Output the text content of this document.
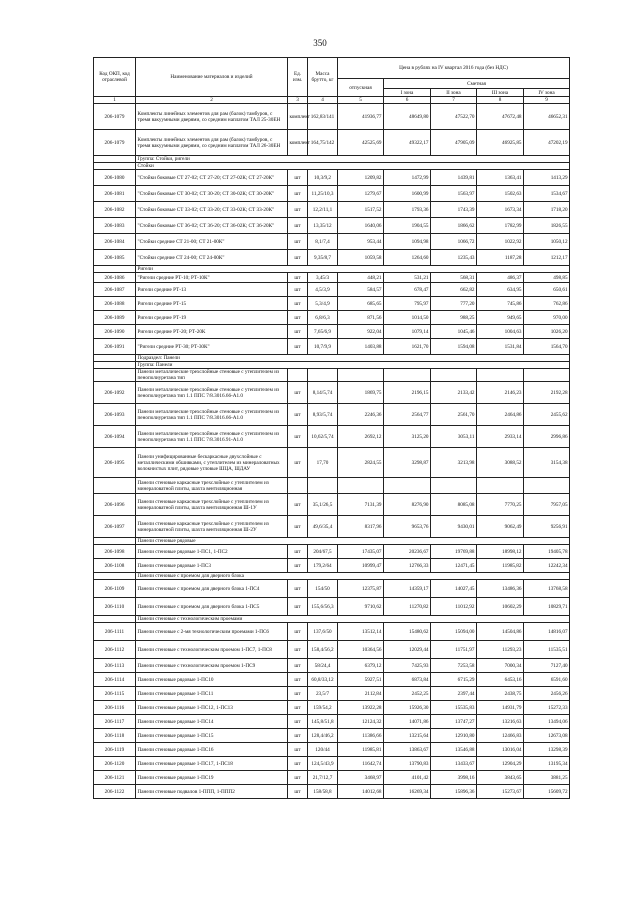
350
Код ОКП, код отраслевой	Наименование материалов и изделий	Ед. изм.	Масса брутто, кг	Цена в рублях на IV квартал 2016 года (без НДС)				
				отпускная	Сметная			
					I зона	II зона	III зона	IV зона
1	2	3	4	5	6	7	8	9
206-1079	Комплекты линейных элементов для рам (балок) тамбуров, с тремя вакуумными дверями, со средним наплатом ТАЛ 25-30ЕН	комплект	162,83/141	41936,77	48649,80	47522,70	47672,48	46652,31
206-1079	Комплекты линейных элементов для рам (балок) тамбуров, с тремя вакуумными дверями, со средним наплатом ТАЛ 26-30ЕН	комплект	164,75/142	42525,69	49322,17	47905,09	46925,85	47202,19
	Группа: Стойки, ригели							
	Стойки							
206-1080	"Стойки боковые СТ 27-02; СТ 27-20; СТ 27-02К; СТ 27-20К"	шт	10,3/9,2	1209,82	1472,99	1439,81	1363,41	1413,29
206-1081	"Стойки боковые СТ 30-02; СТ 30-20; СТ 30-02К; СТ 30-20К"	шт	11,25/10,3	1279,67	1600,99	1563,97	1502,63	1534,67
206-1082	"Стойки боковые СТ 33-02; СТ 33-20; СТ 33-02К; СТ 33-20К"	шт	12,2/11,1	1517,52	1793,36	1743,39	1673,34	1718,20
206-1083	"Стойки боковые СТ 36-02; СТ 36-20; СТ 36-02К; СТ 36-20К"	шт	13,35/12	1640,06	1904,55	1866,62	1782,99	1826,55
206-1084	"Стойки средние СТ 21-00; СТ 21-00К"	шт	8,1/7,4	953,44	1094,98	1066,72	1022,92	1050,12
206-1085	"Стойки средние СТ 24-00; СТ 24-00К"	шт	9,35/8,7	1059,58	1264,60	1235,43	1187,28	1212,17
	Ригели							
206-1086	"Ригели средние РТ-10; РТ-10К"	шт	3,45/3	448,21	531,21	568,31	486,37	498,85
206-1087	Ригели средние РТ-13	шт	4,5/3,9	584,57	678,47	662,82	634,95	650,61
206-1088	Ригели средние РТ-15	шт	5,3/4,9	685,65	795,97	777,20	745,86	762,86
206-1089	Ригели средние РТ-19	шт	6,8/6,3	871,56	1014,50	988,25	949,65	970,00
206-1090	Ригели средние РТ-20; РТ-20К	шт	7,65/6,9	922,04	1079,14	1045,46	1004,63	1026,20
206-1091	"Ригели средние РТ-30; РТ-30К"	шт	10,7/9,9	1403,88	1621,70	1594,08	1531,84	1564,70
	Подраздел: Панели							
	Группа: Панели							
	Панели металлические трехслойные стеновые с утеплителем из пенополиуретана тип							
206-1092	Панели металлические трехслойные стеновые с утеплителем из пенополиуретана тип 1.1 ППС 7/8.3016.66-А1.0	шт	8,14/5,74	1869,75	2196,15	2133,42	2146,23	2192,28
206-1093	Панели металлические трехслойные стеновые с утеплителем из пенополиуретана тип 1.1 ППС 7/8.3016.66-А1.0	шт	8,93/5,74	2246,36	2564,77	2561,70	2464,86	2455,62
206-1094	Панели металлические трехслойные стеновые с утеплителем из пенополиуретана тип 1.1 ППС 7/8.3016.91-А1.0	шт	10,62/5,74	2692,12	3125,20	3053,11	2933,14	2996,86
206-1095	Панели унифицированные бескаркасные двухслойные с металлическими обшивками, с утеплителем из минераловатных волокнистых плит, рядовые угловые ШЦА, ШДАУ	шт	17,70	2824,55	3298,87	3213,98	3088,52	3154,38
	Панели стеновые каркасные трехслойные с утеплителем из минераловатной плиты, шахта вентиляционная							
206-1096	Панели стеновые каркасные трехслойные с утеплителем из минераловатной плиты, шахта вентиляционная Ш-1У	шт	35,1/26,5	7131,39	8276,90	8085,08	7770,25	7957,05
206-1097	Панели стеновые каркасные трехслойные с утеплителем из минераловатной плиты, шахта вентиляционная Ш-2У	шт	49,6/35,4	8317,96	9653,76	9430,01	9062,49	9256,91
	Панели стеновые рядовые							
206-1098	Панели стеновые рядовые 1-ПС1, 1-ПС2	шт	204/67,5	17435,07	20236,67	19769,88	18998,12	19405,78
206-1108	Панели стеновые рядовые 1-ПС3	шт	179,2/64	10999,47	12766,33	12471,45	11985,82	12242,34
	Панели стеновые с проемом для дверного блока							
206-1109	Панели стеновые с проемом для дверного блока 1-ПС4	шт	154/50	12375,87	14359,17	14027,45	13486,36	13768,58
206-1110	Панели стеновые с проемом для дверного блока 1-ПС5	шт	155,6/56,3	9710,62	11270,82	11012,92	10602,29	10829,71
	Панели стеновые с технологическим проемами							
206-1111	Панели стеновые с 2-мя технологическим проемами 1-ПС6	шт	137,6/50	13512,14	15480,62	15094,00	14504,86	14816,07
206-1112	Панели стеновые с технологическим проемом 1-ПС7, 1-ПС8	шт	158,4/56,2	10364,56	12029,44	11751,97	11293,23	11535,51
206-1113	Панели стеновые с технологическим проемом 1-ПС9	шт	58/24,4	6379,12	7425,93	7253,58	7000,34	7127,40
206-1114	Панели стеновые рядовые 1-ПС10	шт	60,8/33,12	5927,51	6873,84	6715,29	6453,16	6591,60
206-1115	Панели стеновые рядовые 1-ПС11	шт	23,5/7	2112,84	2452,25	2397,44	2438,75	2456,26
206-1116	Панели стеновые рядовые 1-ПС12, 1-ПС13	шт	159/54,2	13922,28	15926,30	15535,83	14931,79	15272,33
206-1117	Панели стеновые рядовые 1-ПС14	шт	145,8/51,8	12124,32	14071,86	13747,27	13216,63	13494,06
206-1118	Панели стеновые рядовые 1-ПС15	шт	128,4/46,2	11386,66	13215,64	12910,80	12466,83	12673,08
206-1119	Панели стеновые рядовые 1-ПС16	шт	120/44	11985,81	13863,67	13546,88	13016,04	13298,39
206-1120	Панели стеновые рядовые 1-ПС17, 1-ПС18	шт	124,5/43,9	11642,74	13790,83	13433,67	12904,29	13195,34
206-1121	Панели стеновые рядовые 1-ПС19	шт	21,7/12,7	3468,97	4101,42	3998,16	3843,65	3881,25
206-1122	Панели стеновые подвалов 1-ППП, 1-ППП2	шт	158/58,8	14012,68	16269,34	15896,36	15273,67	15609,72
